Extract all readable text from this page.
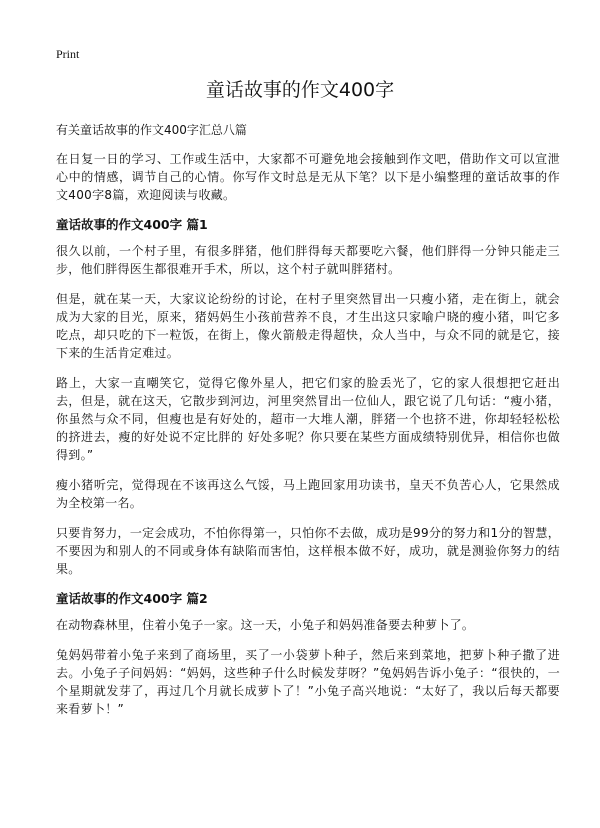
Print
童话故事的作文400字
有关童话故事的作文400字汇总八篇

在日复一日的学习、工作或生活中，大家都不可避免地会接触到作文吧，借助作文可以宣泄心中的情感，调节自己的心情。你写作文时总是无从下笔？以下是小编整理的童话故事的作文400字8篇，欢迎阅读与收藏。

童话故事的作文400字 篇1

很久以前，一个村子里，有很多胖猪，他们胖得每天都要吃六餐，他们胖得一分钟只能走三步，他们胖得医生都很难开手术，所以，这个村子就叫胖猪村。

但是，就在某一天，大家议论纷纷的讨论，在村子里突然冒出一只瘦小猪，走在街上，就会成为大家的目光，原来，猪妈妈生小孩前营养不良，才生出这只家喻户晓的瘦小猪，叫它多吃点，却只吃的下一粒饭，在街上，像火箭般走得超快，众人当中，与众不同的就是它，接下来的生活肯定难过。

路上，大家一直嘲笑它，觉得它像外星人，把它们家的脸丢光了，它的家人很想把它赶出去，但是，就在这天，它散步到河边，河里突然冒出一位仙人，跟它说了几句话：“瘦小猪，你虽然与众不同，但瘦也是有好处的，超市一大堆人潮，胖猪一个也挤不进，你却轻轻松松的挤进去，瘦的好处说不定比胖的 好处多呢？你只要在某些方面成绩特别优异，相信你也做得到。”

瘦小猪听完，觉得现在不该再这么气馁，马上跑回家用功读书，皇天不负苦心人，它果然成为全校第一名。

只要肯努力，一定会成功，不怕你得第一，只怕你不去做，成功是99分的努力和1分的智慧，不要因为和别人的不同或身体有缺陷而害怕，这样根本做不好，成功，就是测验你努力的结果。

童话故事的作文400字 篇2

在动物森林里，住着小兔子一家。这一天，小兔子和妈妈准备要去种萝卜了。

兔妈妈带着小兔子来到了商场里，买了一小袋萝卜种子，然后来到菜地，把萝卜种子撒了进去。小兔子子问妈妈：“妈妈，这些种子什么时候发芽呀？”兔妈妈告诉小兔子：“很快的，一个星期就发芽了，再过几个月就长成萝卜了！”小兔子高兴地说：“太好了，我以后每天都要来看萝卜！”
